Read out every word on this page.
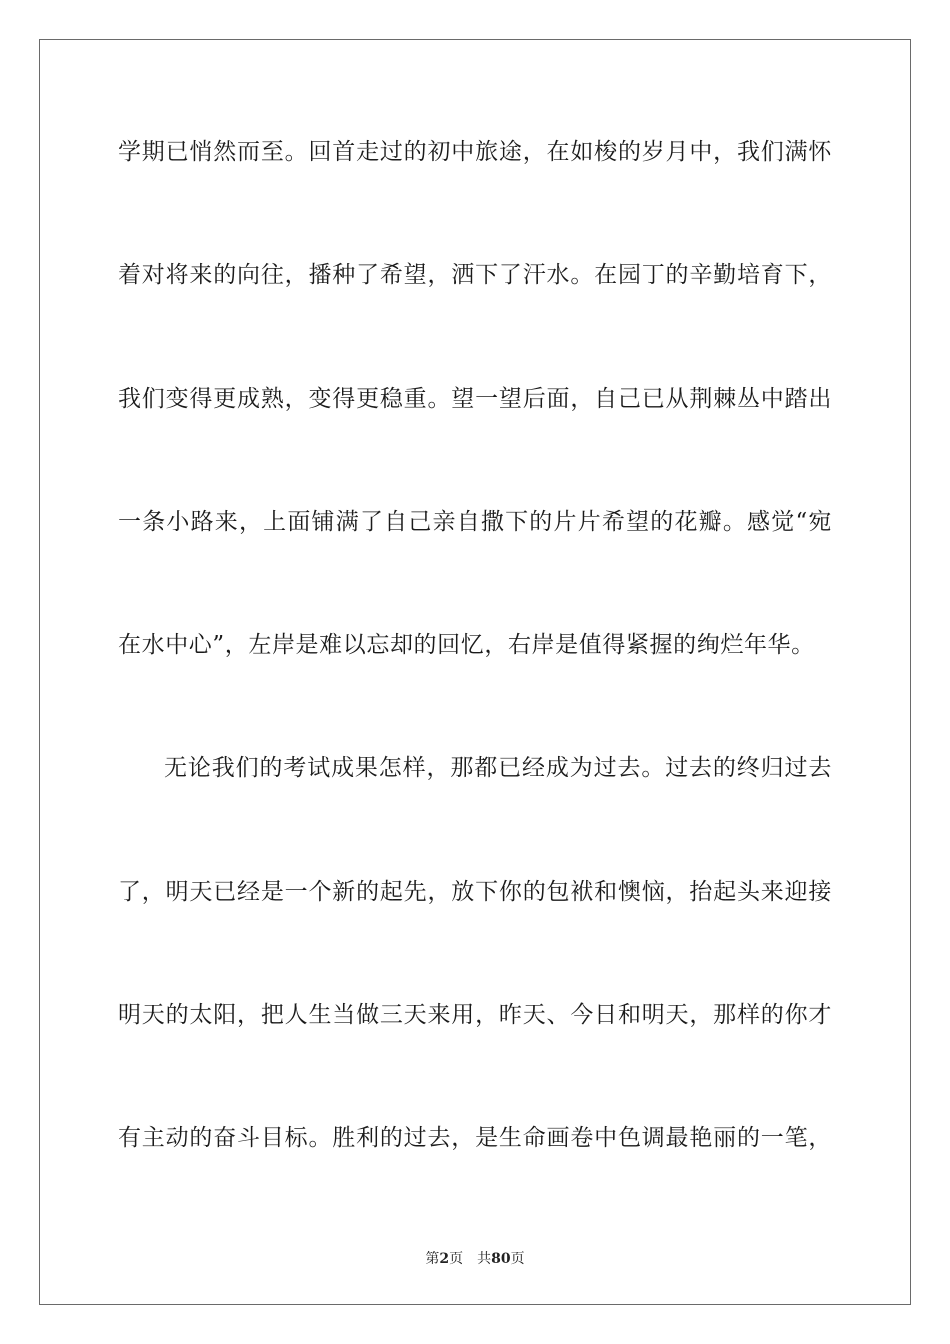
学期已悄然而至。回首走过的初中旅途，在如梭的岁月中，我们满怀
着对将来的向往，播种了希望，洒下了汗水。在园丁的辛勤培育下，
我们变得更成熟，变得更稳重。望一望后面，自己已从荆棘丛中踏出
一条小路来，上面铺满了自己亲自撒下的片片希望的花瓣。感觉“宛
在水中心”，左岸是难以忘却的回忆，右岸是值得紧握的绚烂年华。
无论我们的考试成果怎样，那都已经成为过去。过去的终归过去
了，明天已经是一个新的起先，放下你的包袱和懊恼，抬起头来迎接
明天的太阳，把人生当做三天来用，昨天、今日和明天，那样的你才
有主动的奋斗目标。胜利的过去，是生命画卷中色调最艳丽的一笔，
第2页 共80页
